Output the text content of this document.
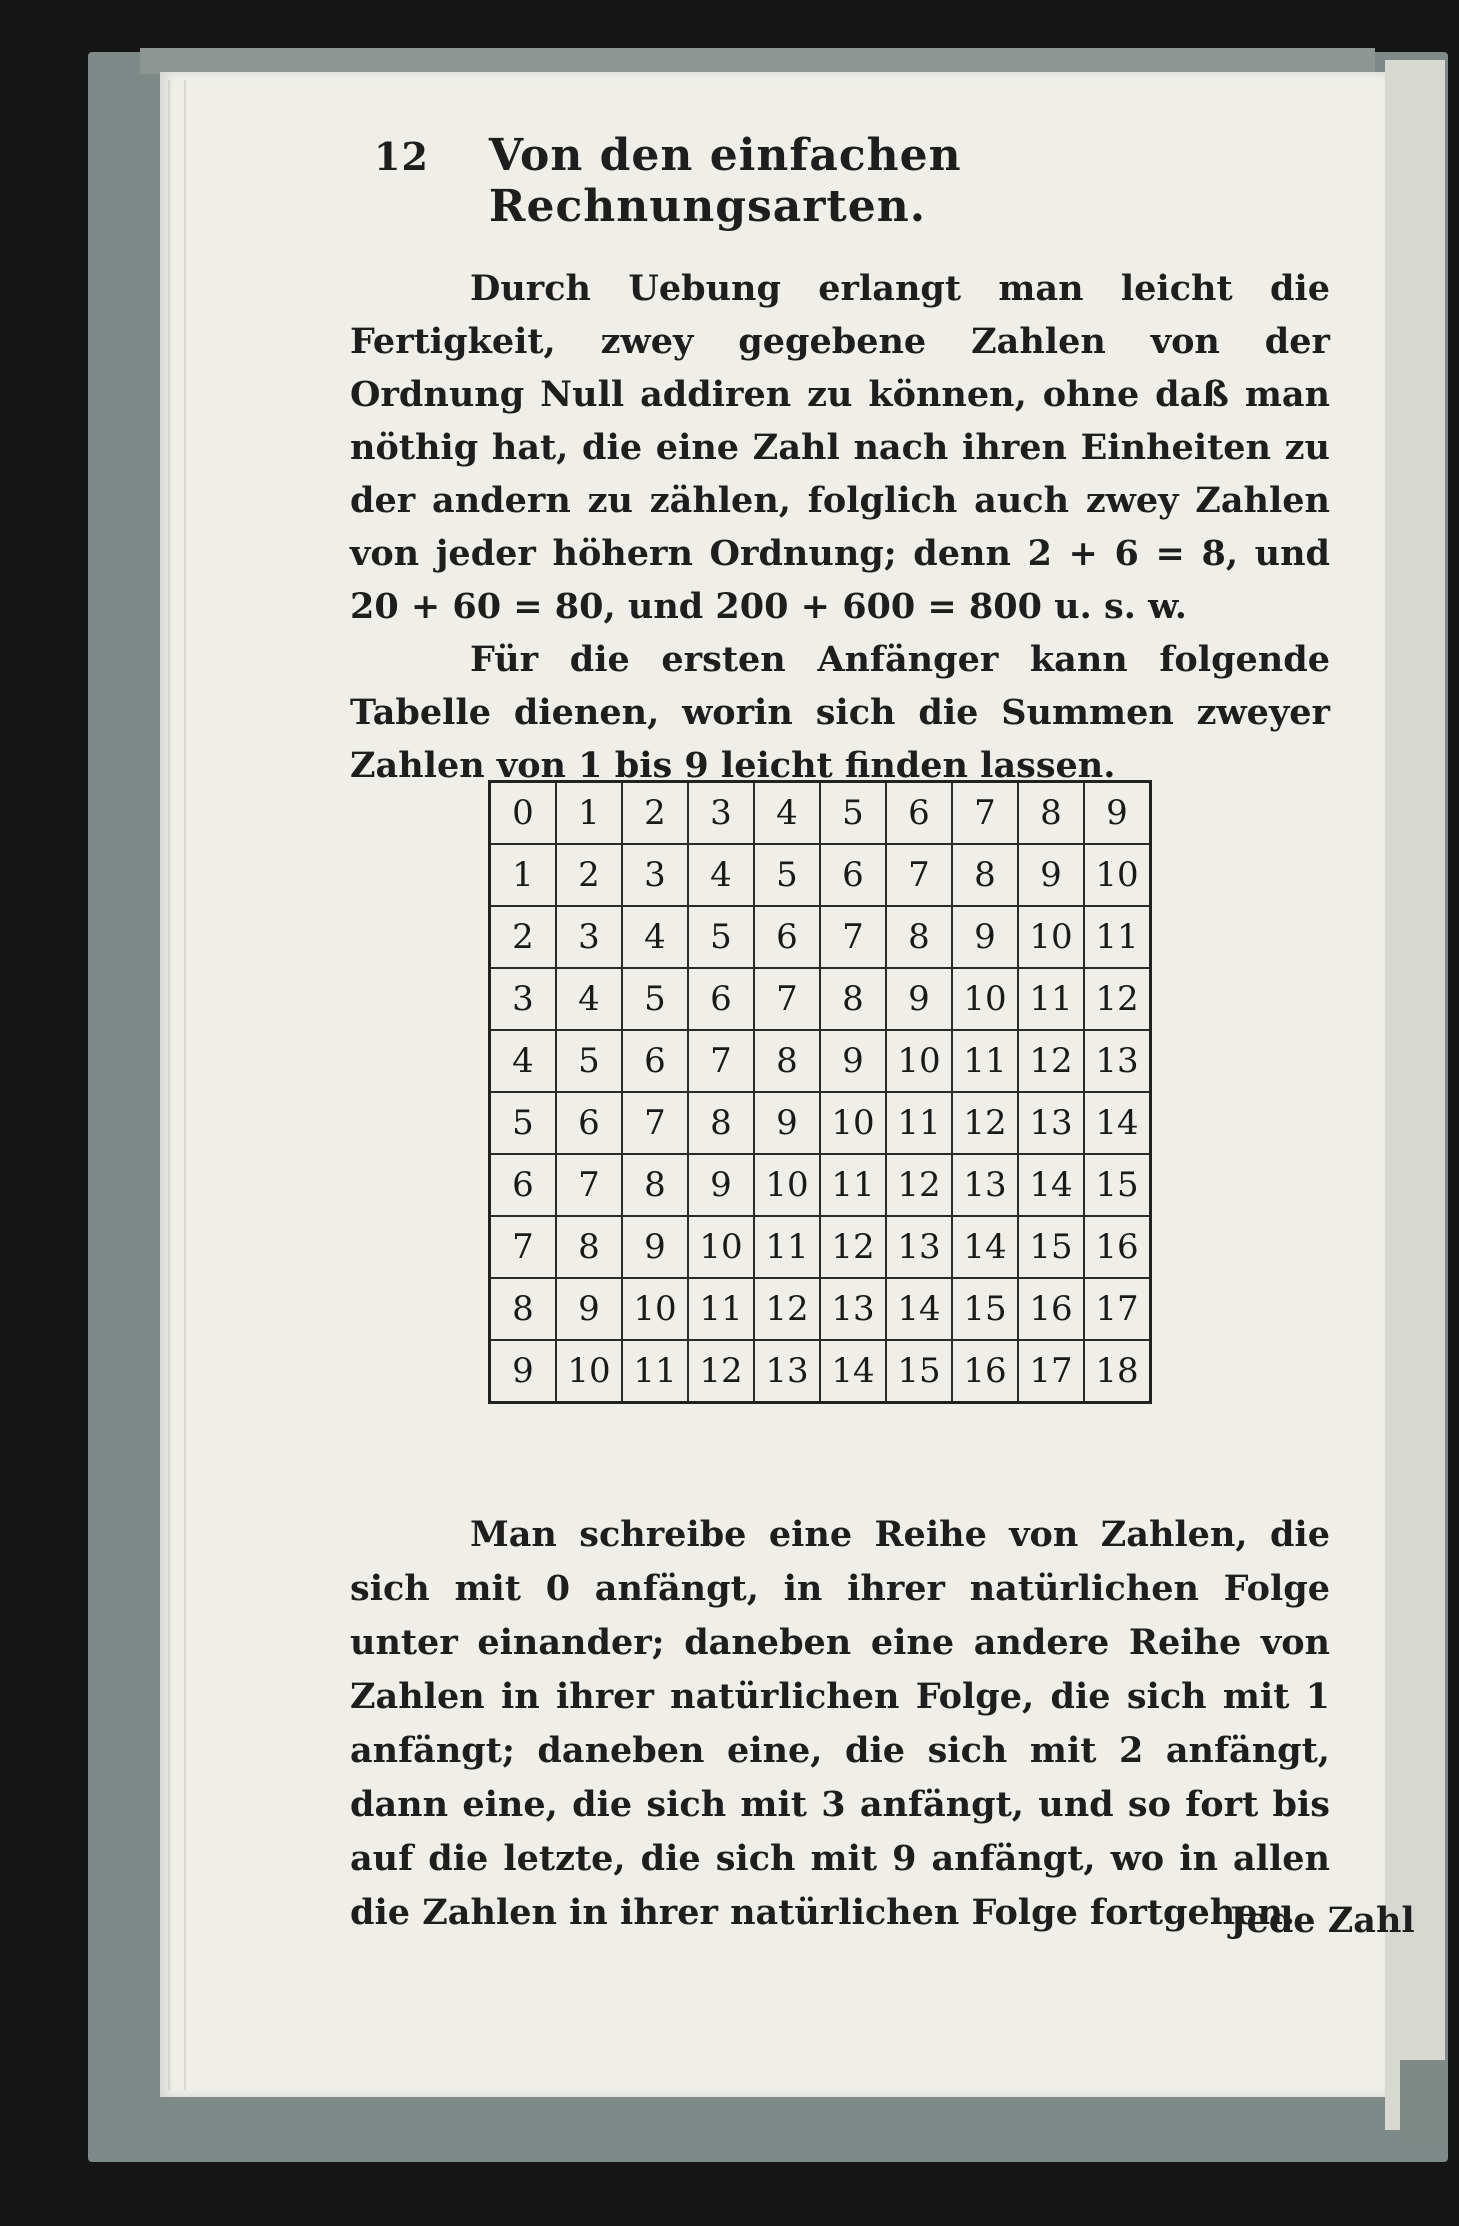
12 Von den einfachen Rechnungsarten.

Durch Uebung erlangt man leicht die Fertigkeit, zwey gegebene Zahlen von der Ordnung Null addiren zu können, ohne daß man nöthig hat, die eine Zahl nach ihren Einheiten zu der andern zu zählen, folglich auch zwey Zahlen von jeder höhern Ordnung; denn 2 + 6 = 8, und 20 + 60 = 80, und 200 + 600 = 800 u. s. w.

Für die ersten Anfänger kann folgende Tabelle dienen, worin sich die Summen zweyer Zahlen von 1 bis 9 leicht finden lassen.

0	1	2	3	4	5	6	7	8	9
1	2	3	4	5	6	7	8	9	10
2	3	4	5	6	7	8	9	10	11
3	4	5	6	7	8	9	10	11	12
4	5	6	7	8	9	10	11	12	13
5	6	7	8	9	10	11	12	13	14
6	7	8	9	10	11	12	13	14	15
7	8	9	10	11	12	13	14	15	16
8	9	10	11	12	13	14	15	16	17
9	10	11	12	13	14	15	16	17	18

Man schreibe eine Reihe von Zahlen, die sich mit 0 anfängt, in ihrer natürlichen Folge unter einander; daneben eine andere Reihe von Zahlen in ihrer natürlichen Folge, die sich mit 1 anfängt; daneben eine, die sich mit 2 anfängt, dann eine, die sich mit 3 anfängt, und so fort bis auf die letzte, die sich mit 9 anfängt, wo in allen die Zahlen in ihrer natürlichen Folge fortgehen.

Jede Zahl
